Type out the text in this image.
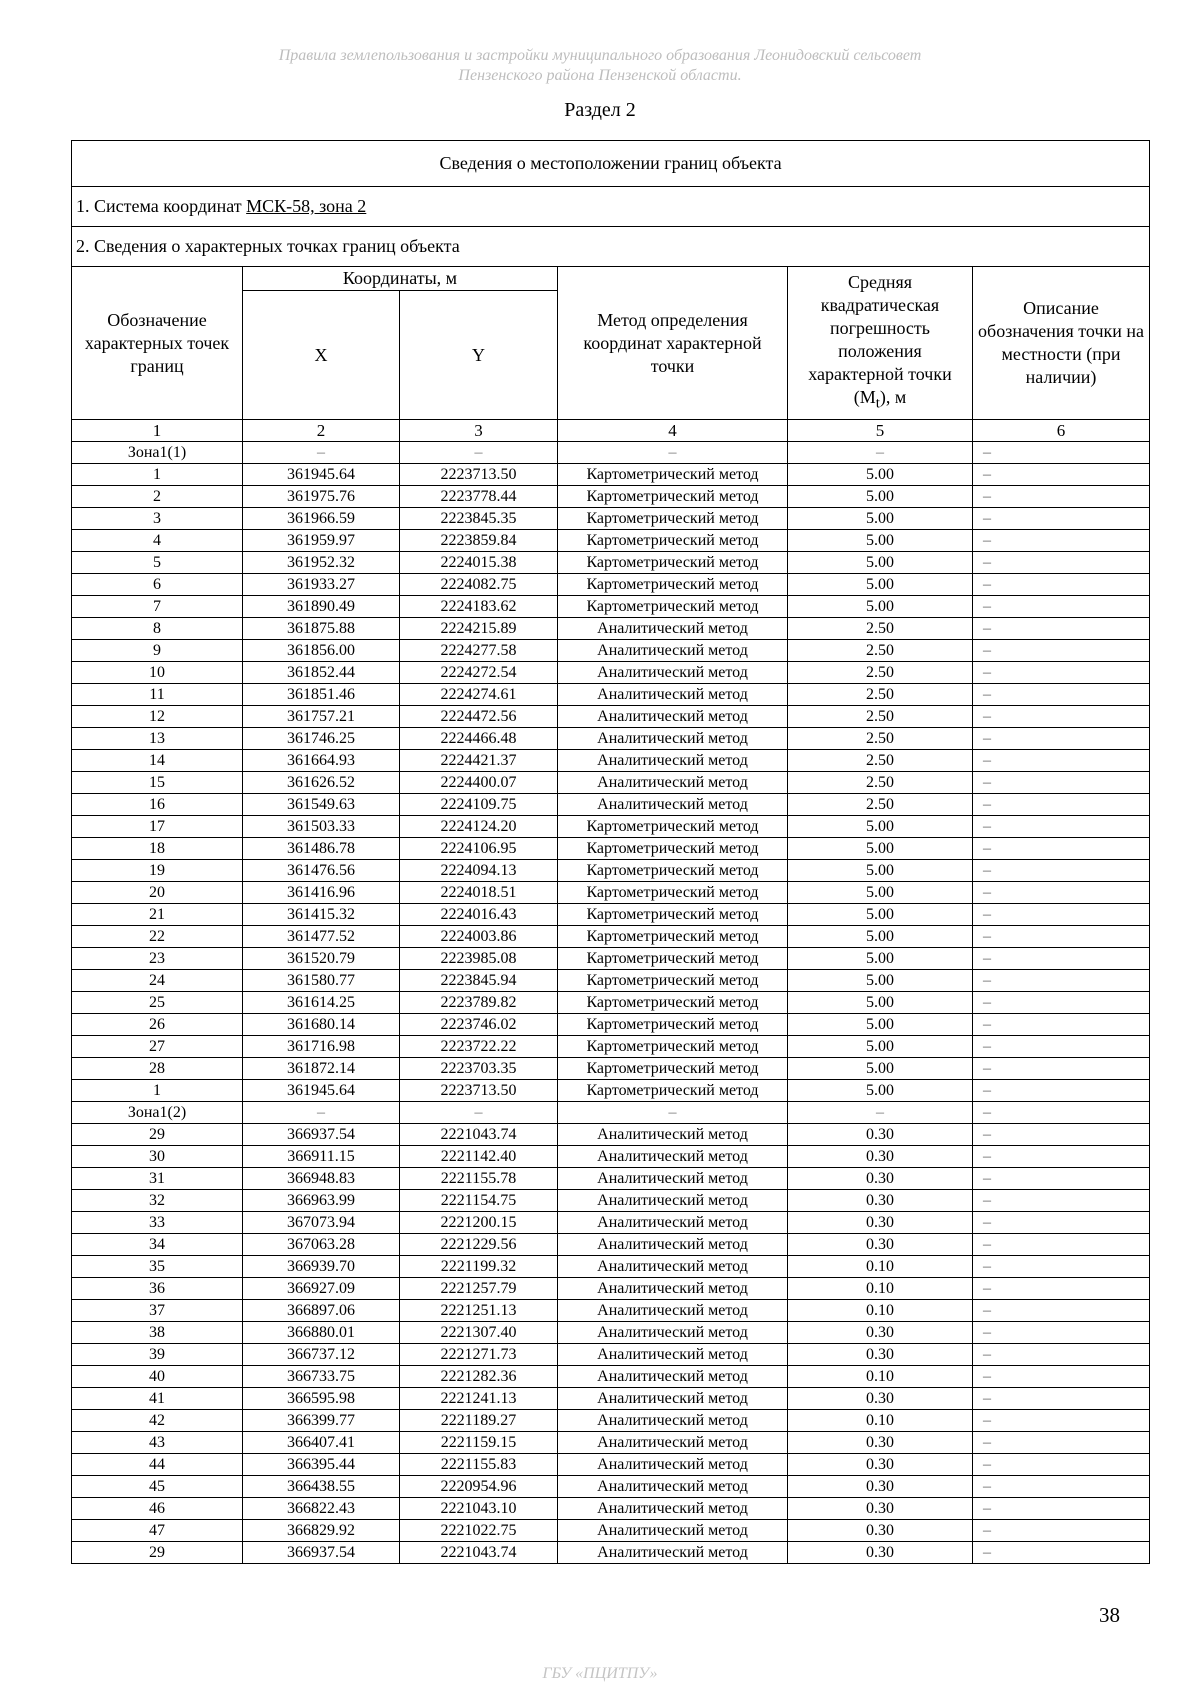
Правила землепользования и застройки муниципального образования Леонидовский сельсовет
Пензенского района Пензенской области.
Раздел 2
Сведения о местоположении границ объекта					
1. Система координат МСК-58, зона 2					
2. Сведения о характерных точках границ объекта					
Обозначение характерных точек границ	Координаты, м		Метод определения координат характерной точки	Средняя квадратическая погрешность положения характерной точки $(M_t)$, м	Описание обозначения точки на местности (при наличии)
	X	Y			
1	2	3	4	5	6
Зона1(1)	–	–	–	–	–
1	361945.64	2223713.50	Картометрический метод	5.00	–
2	361975.76	2223778.44	Картометрический метод	5.00	–
3	361966.59	2223845.35	Картометрический метод	5.00	–
4	361959.97	2223859.84	Картометрический метод	5.00	–
5	361952.32	2224015.38	Картометрический метод	5.00	–
6	361933.27	2224082.75	Картометрический метод	5.00	–
7	361890.49	2224183.62	Картометрический метод	5.00	–
8	361875.88	2224215.89	Аналитический метод	2.50	–
9	361856.00	2224277.58	Аналитический метод	2.50	–
10	361852.44	2224272.54	Аналитический метод	2.50	–
11	361851.46	2224274.61	Аналитический метод	2.50	–
12	361757.21	2224472.56	Аналитический метод	2.50	–
13	361746.25	2224466.48	Аналитический метод	2.50	–
14	361664.93	2224421.37	Аналитический метод	2.50	–
15	361626.52	2224400.07	Аналитический метод	2.50	–
16	361549.63	2224109.75	Аналитический метод	2.50	–
17	361503.33	2224124.20	Картометрический метод	5.00	–
18	361486.78	2224106.95	Картометрический метод	5.00	–
19	361476.56	2224094.13	Картометрический метод	5.00	–
20	361416.96	2224018.51	Картометрический метод	5.00	–
21	361415.32	2224016.43	Картометрический метод	5.00	–
22	361477.52	2224003.86	Картометрический метод	5.00	–
23	361520.79	2223985.08	Картометрический метод	5.00	–
24	361580.77	2223845.94	Картометрический метод	5.00	–
25	361614.25	2223789.82	Картометрический метод	5.00	–
26	361680.14	2223746.02	Картометрический метод	5.00	–
27	361716.98	2223722.22	Картометрический метод	5.00	–
28	361872.14	2223703.35	Картометрический метод	5.00	–
1	361945.64	2223713.50	Картометрический метод	5.00	–
Зона1(2)	–	–	–	–	–
29	366937.54	2221043.74	Аналитический метод	0.30	–
30	366911.15	2221142.40	Аналитический метод	0.30	–
31	366948.83	2221155.78	Аналитический метод	0.30	–
32	366963.99	2221154.75	Аналитический метод	0.30	–
33	367073.94	2221200.15	Аналитический метод	0.30	–
34	367063.28	2221229.56	Аналитический метод	0.30	–
35	366939.70	2221199.32	Аналитический метод	0.10	–
36	366927.09	2221257.79	Аналитический метод	0.10	–
37	366897.06	2221251.13	Аналитический метод	0.10	–
38	366880.01	2221307.40	Аналитический метод	0.30	–
39	366737.12	2221271.73	Аналитический метод	0.30	–
40	366733.75	2221282.36	Аналитический метод	0.10	–
41	366595.98	2221241.13	Аналитический метод	0.30	–
42	366399.77	2221189.27	Аналитический метод	0.10	–
43	366407.41	2221159.15	Аналитический метод	0.30	–
44	366395.44	2221155.83	Аналитический метод	0.30	–
45	366438.55	2220954.96	Аналитический метод	0.30	–
46	366822.43	2221043.10	Аналитический метод	0.30	–
47	366829.92	2221022.75	Аналитический метод	0.30	–
29	366937.54	2221043.74	Аналитический метод	0.30	–
38
ГБУ «ПЦИТПУ»
